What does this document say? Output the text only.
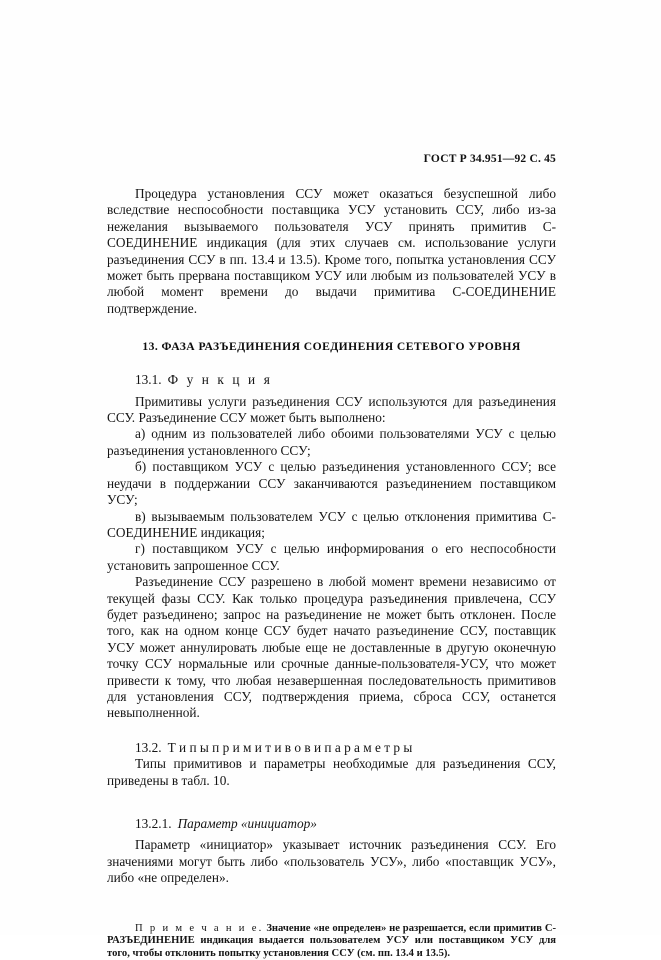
ГОСТ Р 34.951—92 С. 45

Процедура установления ССУ может оказаться безуспешной либо вследствие неспособности поставщика УСУ установить ССУ, либо из-за нежелания вызываемого пользователя УСУ принять примитив С-СОЕДИНЕНИЕ индикация (для этих случаев см. использование услуги разъединения ССУ в пп. 13.4 и 13.5). Кроме того, попытка установления ССУ может быть прервана поставщиком УСУ или любым из пользователей УСУ в любой момент времени до выдачи примитива С-СОЕДИНЕНИЕ подтверждение.

13. ФАЗА РАЗЪЕДИНЕНИЯ СОЕДИНЕНИЯ СЕТЕВОГО УРОВНЯ
13.1. Ф у н к ц и я

Примитивы услуги разъединения ССУ используются для разъединения ССУ. Разъединение ССУ может быть выполнено:

а) одним из пользователей либо обоими пользователями УСУ с целью разъединения установленного ССУ;

б) поставщиком УСУ с целью разъединения установленного ССУ; все неудачи в поддержании ССУ заканчиваются разъединением поставщиком УСУ;

в) вызываемым пользователем УСУ с целью отклонения примитива С-СОЕДИНЕНИЕ индикация;

г) поставщиком УСУ с целью информирования о его неспособности установить запрошенное ССУ.

Разъединение ССУ разрешено в любой момент времени независимо от текущей фазы ССУ. Как только процедура разъединения привлечена, ССУ будет разъединено; запрос на разъединение не может быть отклонен. После того, как на одном конце ССУ будет начато разъединение ССУ, поставщик УСУ может аннулировать любые еще не доставленные в другую оконечную точку ССУ нормальные или срочные данные-пользователя-УСУ, что может привести к тому, что любая незавершенная последовательность примитивов для установления ССУ, подтверждения приема, сброса ССУ, останется невыполненной.

13.2. Т и п ы п р и м и т и в о в и п а р а м е т р ы

Типы примитивов и параметры необходимые для разъединения ССУ, приведены в табл. 10.

13.2.1. Параметр «инициатор»

Параметр «инициатор» указывает источник разъединения ССУ. Его значениями могут быть либо «пользователь УСУ», либо «поставщик УСУ», либо «не определен».

П р и м е ч а н и е. Значение «не определен» не разрешается, если примитив С-РАЗЪЕДИНЕНИЕ индикация выдается пользователем УСУ или поставщиком УСУ для того, чтобы отклонить попытку установления ССУ (см. пп. 13.4 и 13.5).
